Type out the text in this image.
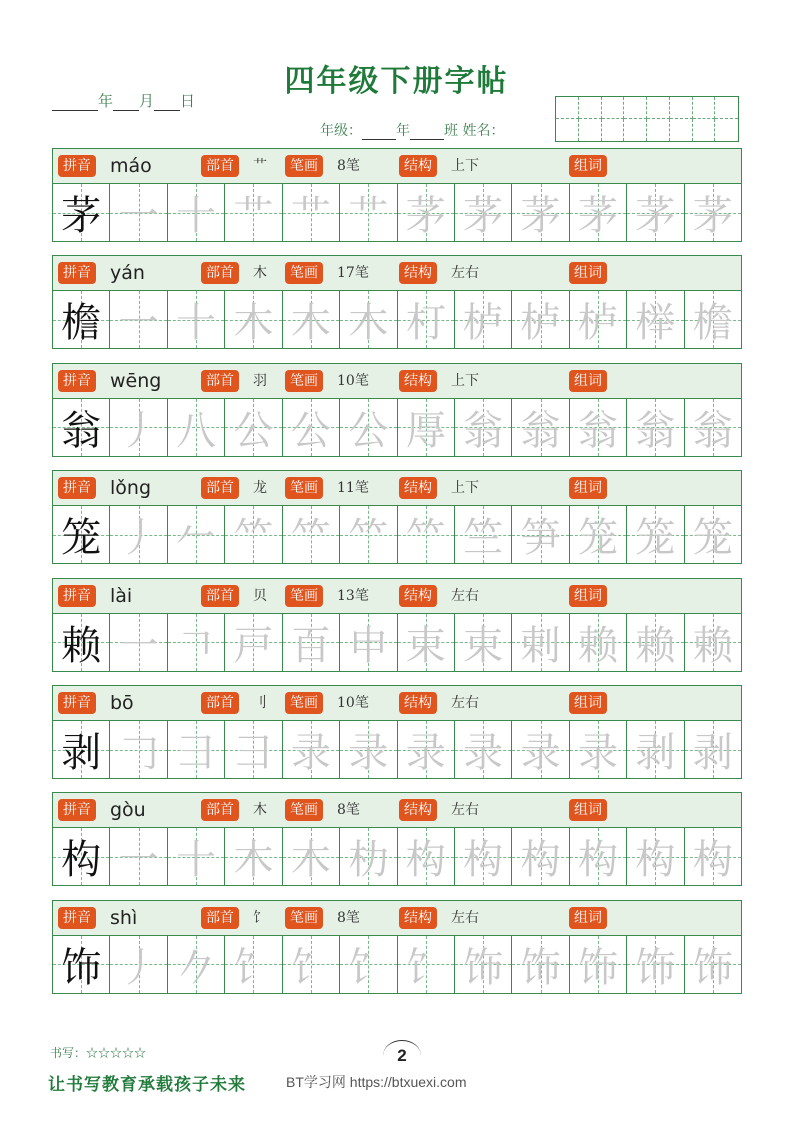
四年级下册字帖
年 月 日
年级： 年 班 姓名：
拼音 máo	部首	艹	笔画	8笔	结构	上下	组词
茅 一 十 艹 艹 艹 茅 茅 茅 茅 茅 茅
拼音 yán	部首	木	笔画	17笔	结构	左右	组词
檐 一 十 木 木 木 朾 栌 栌 栌 榉 檐
拼音 wēng	部首	羽	笔画	10笔	结构	上下	组词
翁 丿 八 公 公 公 㕌 翁 翁 翁 翁 翁
拼音 lǒng	部首	龙	笔画	11笔	结构	上下	组词
笼 丿 𠂉 𥫗 𥫗 𥫗 𥫗 竺 笋 笼 笼 笼
拼音 lài	部首	贝	笔画	13笔	结构	左右	组词
赖 一 𠃍 戸 百 申 束 束 剌 赖 赖 赖
拼音 bō	部首	刂	笔画	10笔	结构	左右	组词
剥 𠃌 彐 彐 录 录 录 录 录 录 剥 剥
拼音 gòu	部首	木	笔画	8笔	结构	左右	组词
构 一 十 木 木 朸 构 构 构 构 构 构
拼音 shì	部首	饣	笔画	8笔	结构	左右	组词
饰 丿 𠂊 饣 饣 饣 饣 饰 饰 饰 饰 饰
书写：☆☆☆☆☆	2
让书写教育承载孩子未来	BT学习网 https://btxuexi.com
